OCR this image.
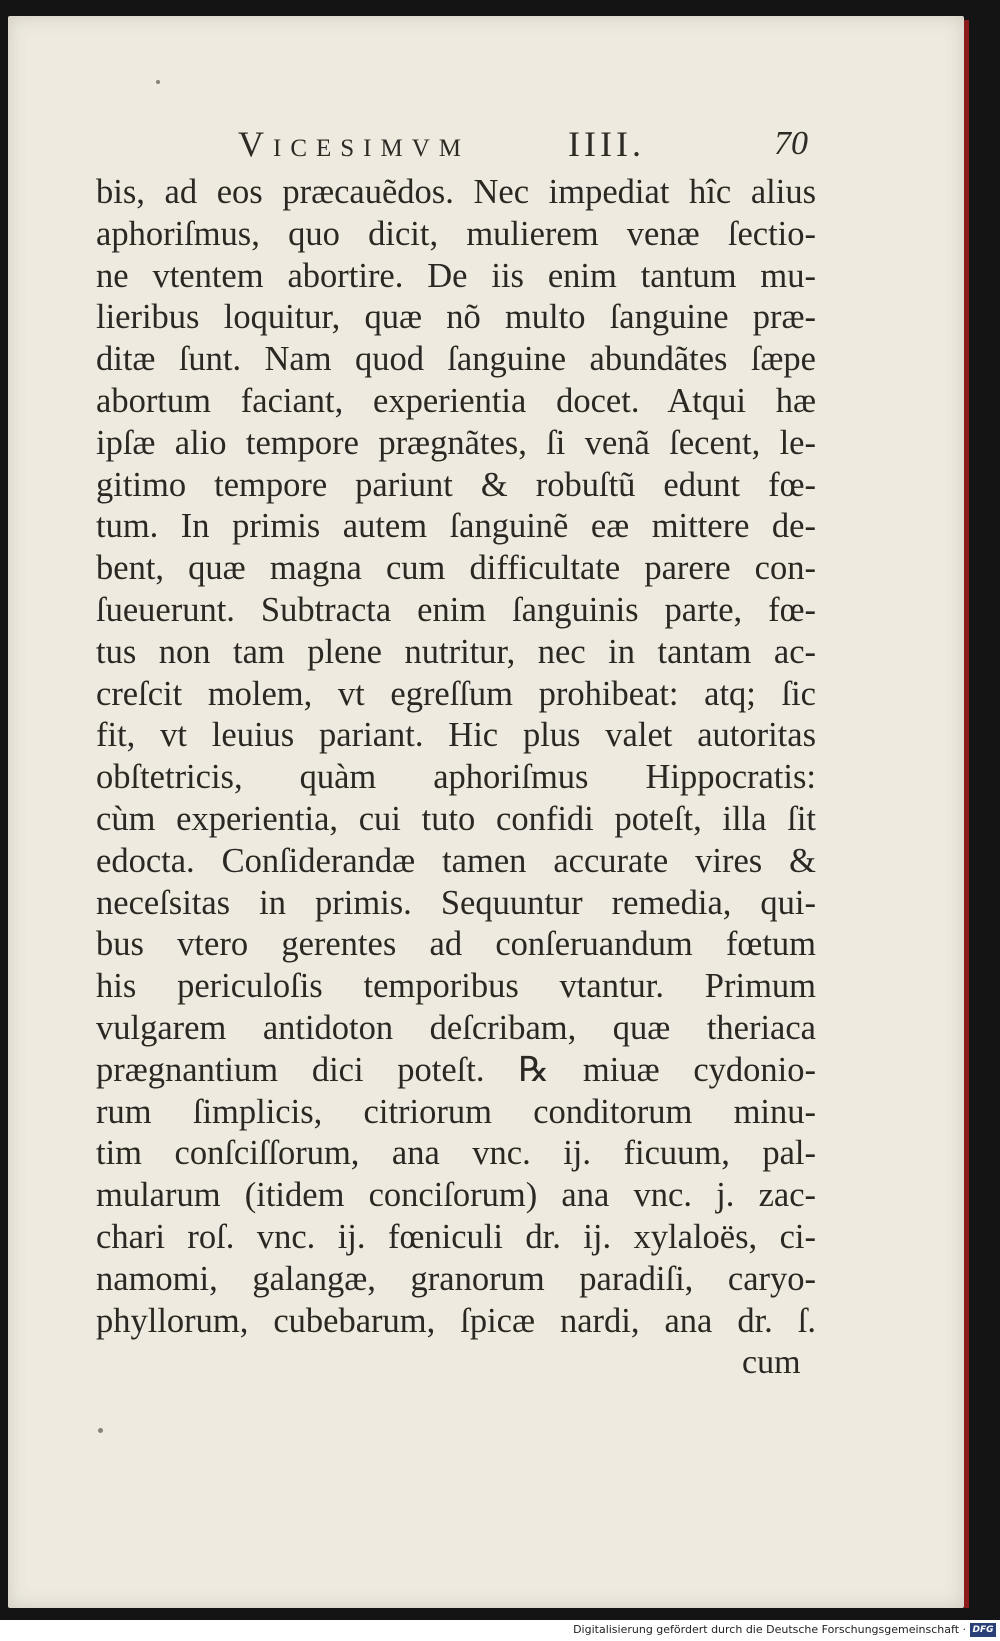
Vicesimvm	IIII.	70
bis, ad eos præcauẽdos. Nec impediat hîc alius
aphoriſmus, quo dicit, mulierem venæ ſectio-
ne vtentem abortire. De iis enim tantum mu-
lieribus loquitur, quæ nõ multo ſanguine præ-
ditæ ſunt. Nam quod ſanguine abundãtes ſæpe
abortum faciant, experientia docet. Atqui hæ
ipſæ alio tempore prægnãtes, ſi venã ſecent, le-
gitimo tempore pariunt & robuſtũ edunt fœ-
tum. In primis autem ſanguinẽ eæ mittere de-
bent, quæ magna cum difficultate parere con-
ſueuerunt. Subtracta enim ſanguinis parte, fœ-
tus non tam plene nutritur, nec in tantam ac-
creſcit molem, vt egreſſum prohibeat: atq; ſic
fit, vt leuius pariant. Hic plus valet autoritas
obſtetricis, quàm aphoriſmus Hippocratis:
cùm experientia, cui tuto confidi poteſt, illa ſit
edocta. Conſiderandæ tamen accurate vires &
neceſsitas in primis. Sequuntur remedia, qui-
bus vtero gerentes ad conſeruandum fœtum
his periculoſis temporibus vtantur. Primum
vulgarem antidoton deſcribam, quæ theriaca
prægnantium dici poteſt. ℞ miuæ cydonio-
rum ſimplicis, citriorum conditorum minu-
tim conſciſſorum, ana vnc. ij. ficuum, pal-
mularum (itidem conciſorum) ana vnc. j. zac-
chari roſ. vnc. ij. fœniculi dr. ij. xylaloës, ci-
namomi, galangæ, granorum paradiſi, caryo-
phyllorum, cubebarum, ſpicæ nardi, ana dr. ſ.
cum
Digitalisierung gefördert durch die Deutsche Forschungsgemeinschaft · DFG
